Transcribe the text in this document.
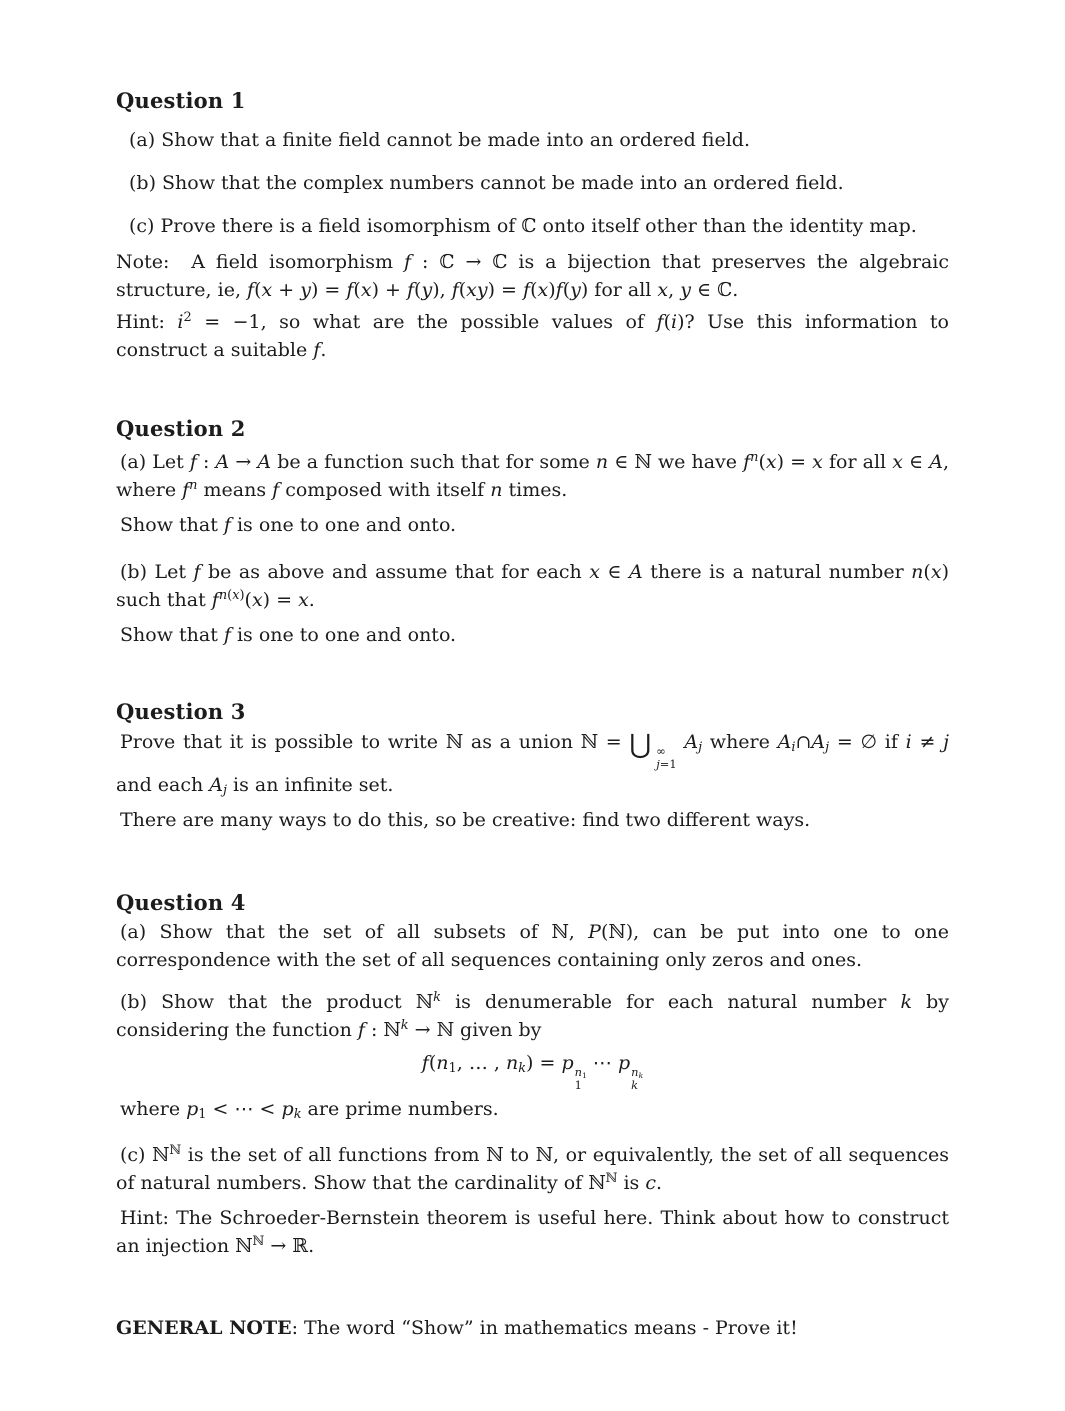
Question 1

(a) Show that a finite field cannot be made into an ordered field.

(b) Show that the complex numbers cannot be made into an ordered field.

(c) Prove there is a field isomorphism of ℂ onto itself other than the identity map.

Note:  A field isomorphism f : ℂ → ℂ is a bijection that preserves the algebraic structure, ie, f(x + y) = f(x) + f(y), f(xy) = f(x)f(y) for all x, y ∈ ℂ.

Hint: $i^2 = -1$, so what are the possible values of f(i)? Use this information to construct a suitable f.

Question 2

(a) Let f : A → A be a function such that for some n ∈ ℕ we have $f^n(x) = x$ for all x ∈ A, where $f^n$ means f composed with itself n times.

Show that f is one to one and onto.

(b) Let f be as above and assume that for each x ∈ A there is a natural number n(x) such that $f^{n(x)}(x) = x$.

Show that f is one to one and onto.

Question 3

Prove that it is possible to write ℕ as a union ℕ = ⋃ ∞
j=1
$A_j$ where $A_i\cap A_j$ = ∅ if i ≠ j and each $A_j$ is an infinite set.

There are many ways to do this, so be creative: find two different ways.

Question 4

(a) Show that the set of all subsets of ℕ, P(ℕ), can be put into one to one correspondence with the set of all sequences containing only zeros and ones.

(b) Show that the product ℕ$^k$ is denumerable for each natural number k by considering the function f : ℕ$^k$ → ℕ given by

$f(n_1$, … , $n_k) = p$ $n_1$
1
⋯ p $n_k$
k

where $p_1$ < ⋯ < $p_k$ are prime numbers.

(c) ℕ$^ℕ$ is the set of all functions from ℕ to ℕ, or equivalently, the set of all sequences of natural numbers. Show that the cardinality of ℕ$^ℕ$ is c.

Hint: The Schroeder-Bernstein theorem is useful here. Think about how to construct an injection ℕ$^ℕ$ → ℝ.

GENERAL NOTE: The word “Show” in mathematics means - Prove it!
